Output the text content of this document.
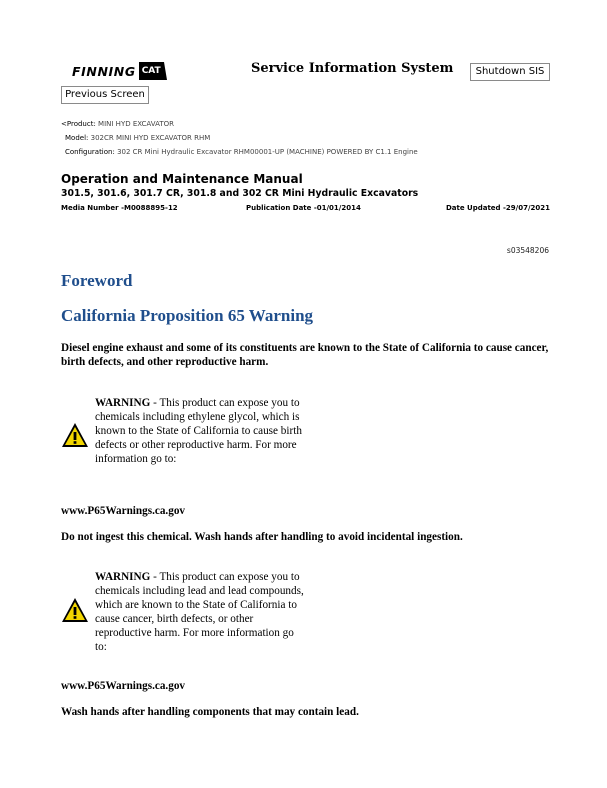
FINNING CAT	Service Information System	Shutdown SIS
Previous Screen
<Product: MINI HYD EXCAVATOR
Model: 302CR MINI HYD EXCAVATOR RHM
Configuration: 302 CR Mini Hydraulic Excavator RHM00001-UP (MACHINE) POWERED BY C1.1 Engine
Operation and Maintenance Manual
301.5, 301.6, 301.7 CR, 301.8 and 302 CR Mini Hydraulic Excavators
Media Number -M0088895-12	Publication Date -01/01/2014	Date Updated -29/07/2021
s03548206
Foreword
California Proposition 65 Warning
Diesel engine exhaust and some of its constituents are known to the State of California to cause cancer, birth defects, and other reproductive harm.
WARNING - This product can expose you to chemicals including ethylene glycol, which is known to the State of California to cause birth defects or other reproductive harm. For more information go to:
www.P65Warnings.ca.gov
Do not ingest this chemical. Wash hands after handling to avoid incidental ingestion.
WARNING - This product can expose you to chemicals including lead and lead compounds, which are known to the State of California to cause cancer, birth defects, or other reproductive harm. For more information go to:
www.P65Warnings.ca.gov
Wash hands after handling components that may contain lead.
